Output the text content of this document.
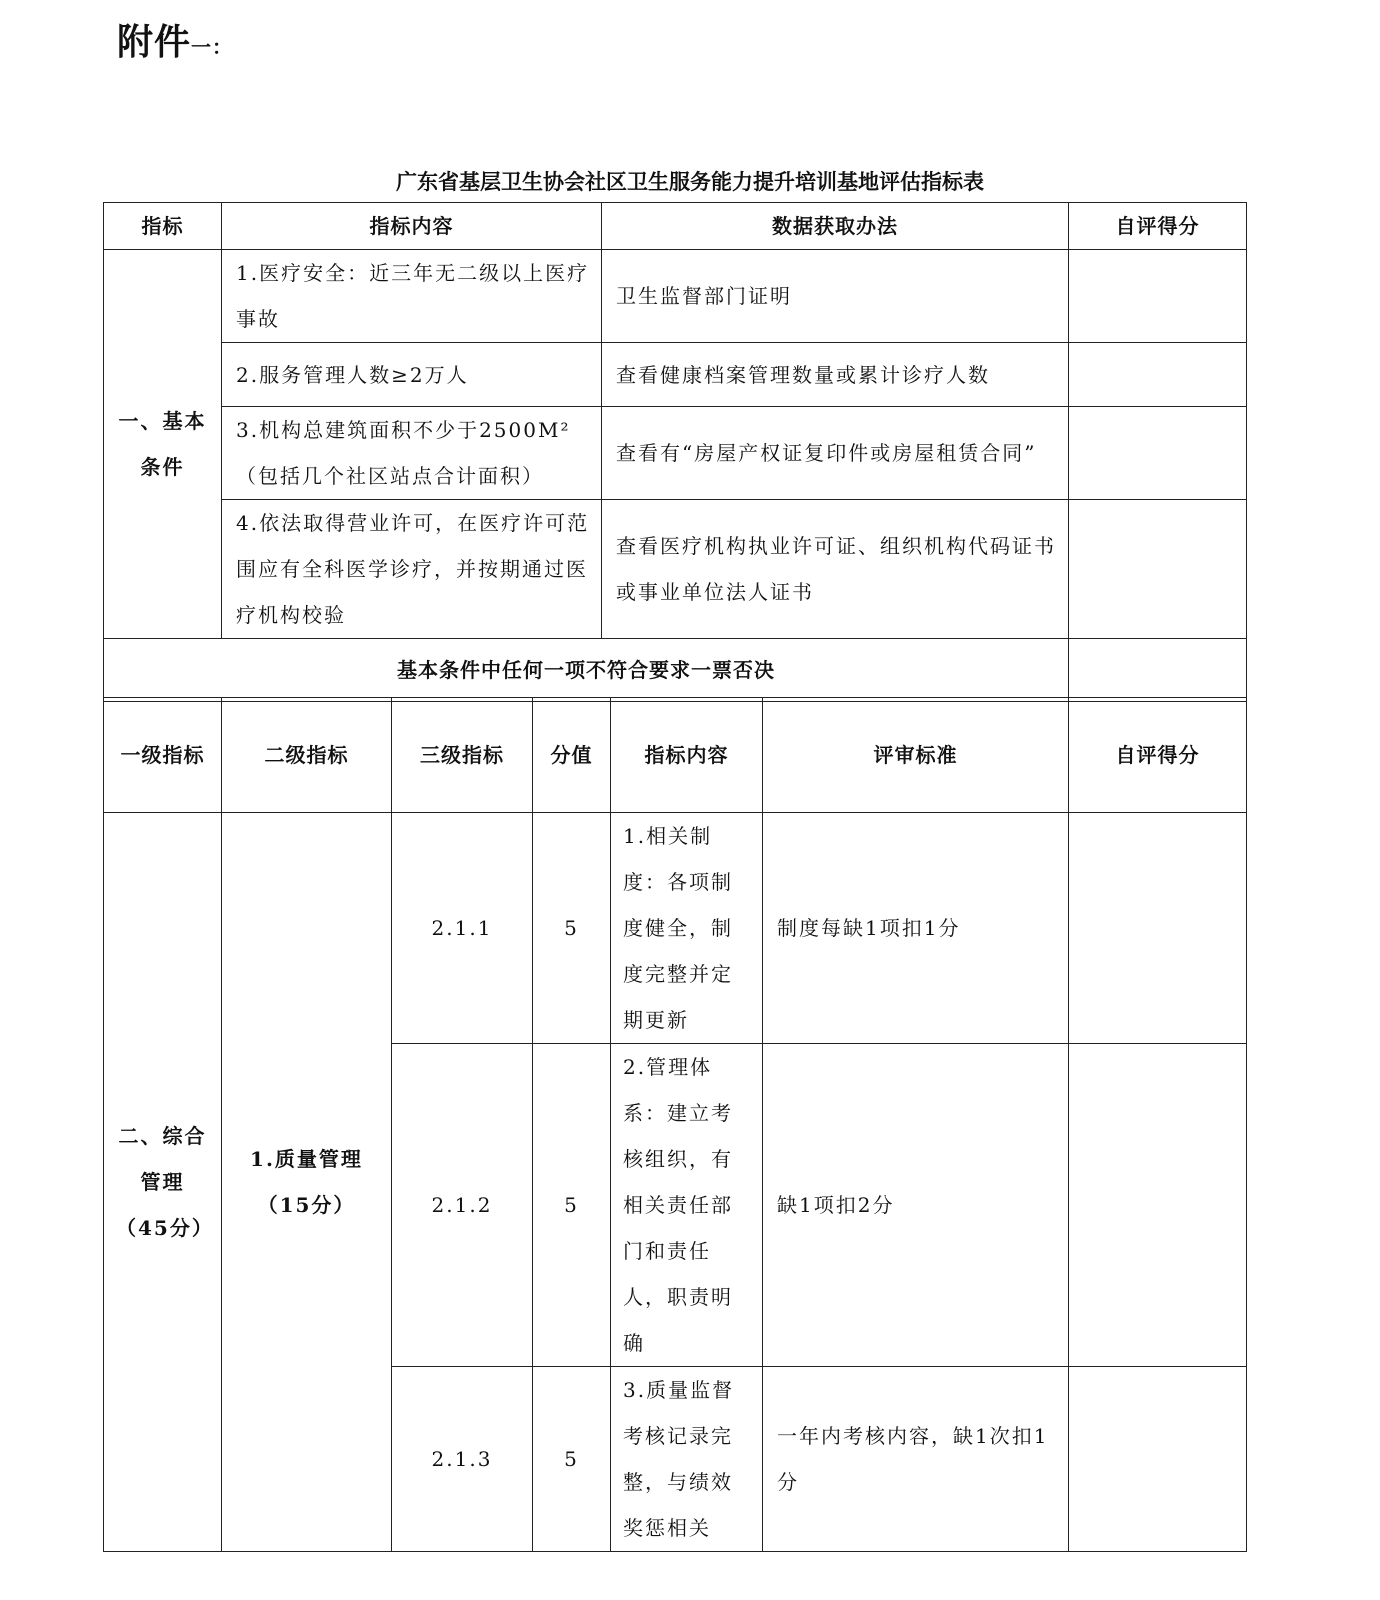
附件一：
广东省基层卫生协会社区卫生服务能力提升培训基地评估指标表
指标	指标内容	数据获取办法	自评得分
一、基本条件	1.医疗安全：近三年无二级以上医疗事故	卫生监督部门证明	
	2.服务管理人数≥2万人	查看健康档案管理数量或累计诊疗人数	
	3.机构总建筑面积不少于2500M²（包括几个社区站点合计面积）	查看有“房屋产权证复印件或房屋租赁合同”	
	4.依法取得营业许可，在医疗许可范围应有全科医学诊疗，并按期通过医疗机构校验	查看医疗机构执业许可证、组织机构代码证书或事业单位法人证书	
基本条件中任何一项不符合要求一票否决			
一级指标	二级指标	三级指标	分值	指标内容	评审标准	自评得分
二、综合管理（45分）	1.质量管理（15分）	2.1.1	5	1.相关制度：各项制度健全，制度完整并定期更新	制度每缺1项扣1分	
		2.1.2	5	2.管理体系：建立考核组织，有相关责任部门和责任人，职责明确	缺1项扣2分	
		2.1.3	5	3.质量监督考核记录完整，与绩效奖惩相关	一年内考核内容，缺1次扣1分	
